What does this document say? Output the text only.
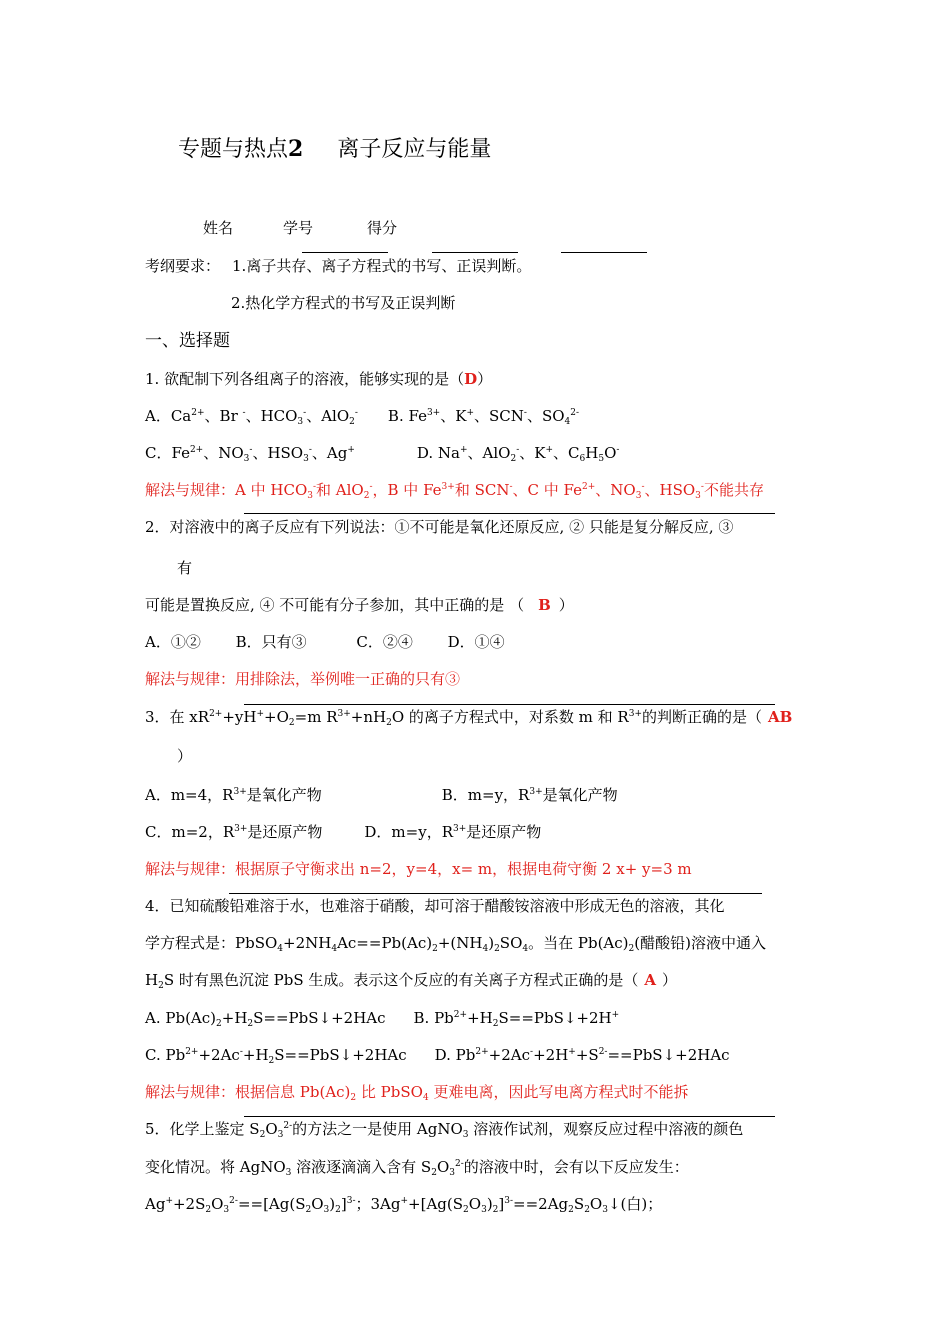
专题与热点2 离子反应与能量
姓名	学号	得分
考纲要求： 1.离子共存、离子方程式的书写、正误判断。
2.热化学方程式的书写及正误判断
一、选择题
1. 欲配制下列各组离子的溶液，能够实现的是（D）
A．$Ca^{2+}$、Br -、$HCO_3^-$、AlO$_2$-　　B. $Fe^{3+}$、K+、SCN-、$SO_4^{2-}$
C．$Fe^{2+}$、$NO_3^-$、$HSO_3^-$、Ag+	D. Na+、AlO$_2$-、K+、$C_6H_5O^-$
解法与规律：A 中 $HCO_3^-$和 AlO$_2$-，B 中 $Fe^{3+}$和 SCN-、C 中 $Fe^{2+}$、$NO_3^-$、$HSO_3^-$不能共存
2．对溶液中的离子反应有下列说法：①不可能是氧化还原反应, ② 只能是复分解反应, ③
有
可能是置换反应, ④ 不可能有分子参加，其中正确的是 （ B ）
A．①②　　 B．只有③　　　 C．②④　　 D．①④
解法与规律：用排除法，举例唯一正确的只有③
3．在 $xR^{2+}+yH^++O_2=m$ $R^{3+}+nH_2O$ 的离子方程式中，对系数 m 和 $R^{3+}$的判断正确的是（ AB
）
A．m=4，$R^{3+}$是氧化产物	B．m=y，$R^{3+}$是氧化产物
C．m=2，$R^{3+}$是还原产物	D．m=y，$R^{3+}$是还原产物
解法与规律：根据原子守衡求出 n=2，y=4，x= m，根据电荷守衡 2 x+ y=3 m
4．已知硫酸铅难溶于水，也难溶于硝酸，却可溶于醋酸铵溶液中形成无色的溶液，其化
学方程式是：$PbSO_4+2NH_4Ac==Pb(Ac)_2+(NH_4)_2SO_4$。当在 $Pb(Ac)_2$(醋酸铅)溶液中通入
$H_2S$ 时有黑色沉淀 PbS 生成。表示这个反应的有关离子方程式正确的是（ A ）
A. $Pb(Ac)_2+H_2S==PbS↓+2HAc$ B. $Pb^{2+}+H_2S==PbS↓+2H^+$
C. $Pb^{2+}+2Ac^-+H_2S==PbS↓+2HAc$ D. $Pb^{2+}+2Ac^-+2H^++S^{2-}==PbS↓+2HAc$
解法与规律：根据信息 $Pb(Ac)_2$ 比 PbSO$_4$ 更难电离，因此写电离方程式时不能拆
5．化学上鉴定 $S_2O_3^{2-}$的方法之一是使用 AgNO$_3$ 溶液作试剂，观察反应过程中溶液的颜色
变化情况。将 AgNO$_3$ 溶液逐滴滴入含有 $S_2O_3^{2-}$的溶液中时，会有以下反应发生：
$Ag^++2S_2O_3^{2-}==[Ag(S_2O_3)_2]^{3-}$；$3Ag^++[Ag(S_2O_3)_2]^{3-}==2Ag_2S_2O_3↓$(白)；
